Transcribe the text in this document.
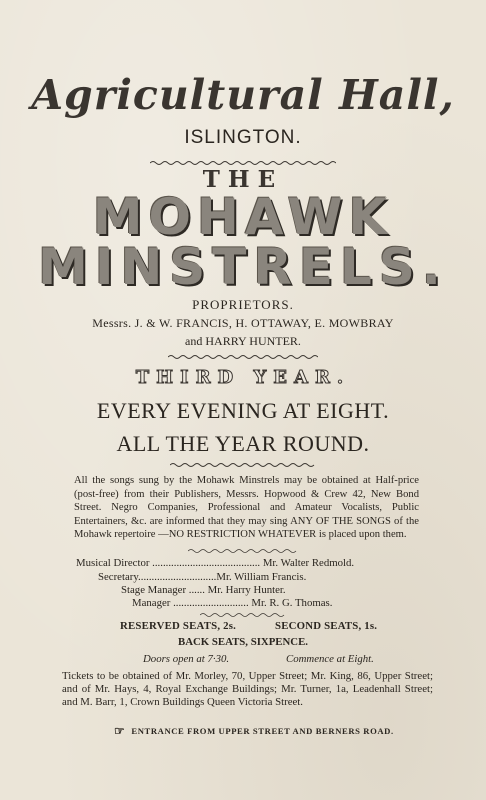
Agricultural Hall,
ISLINGTON.
THE
MOHAWK
MINSTRELS.
PROPRIETORS.
Messrs. J. & W. FRANCIS, H. OTTAWAY, E. MOWBRAY
and HARRY HUNTER.
THIRD YEAR.
EVERY EVENING AT EIGHT.
ALL THE YEAR ROUND.

All the songs sung by the Mohawk Minstrels may be obtained at Half-price (post-free) from their Publishers, Messrs. Hopwood & Crew 42, New Bond Street. Negro Companies, Professional and Amateur Vocalists, Public Entertainers, &c. are informed that they may sing ANY OF THE SONGS of the Mohawk repertoire —NO RESTRICTION WHATEVER is placed upon them.

Musical Director ........................................ Mr. Walter Redmold.
Secretary.............................Mr. William Francis.
Stage Manager ...... Mr. Harry Hunter.
Manager ............................ Mr. R. G. Thomas.
RESERVED SEATS, 2s.	SECOND SEATS, 1s.
BACK SEATS, SIXPENCE.
Doors open at 7·30.	Commence at Eight.

Tickets to be obtained of Mr. Morley, 70, Upper Street; Mr. King, 86, Upper Street; and of Mr. Hays, 4, Royal Exchange Buildings; Mr. Turner, 1a, Leadenhall Street; and M. Barr, 1, Crown Buildings Queen Victoria Street.

☞ ENTRANCE FROM UPPER STREET AND BERNERS ROAD.
